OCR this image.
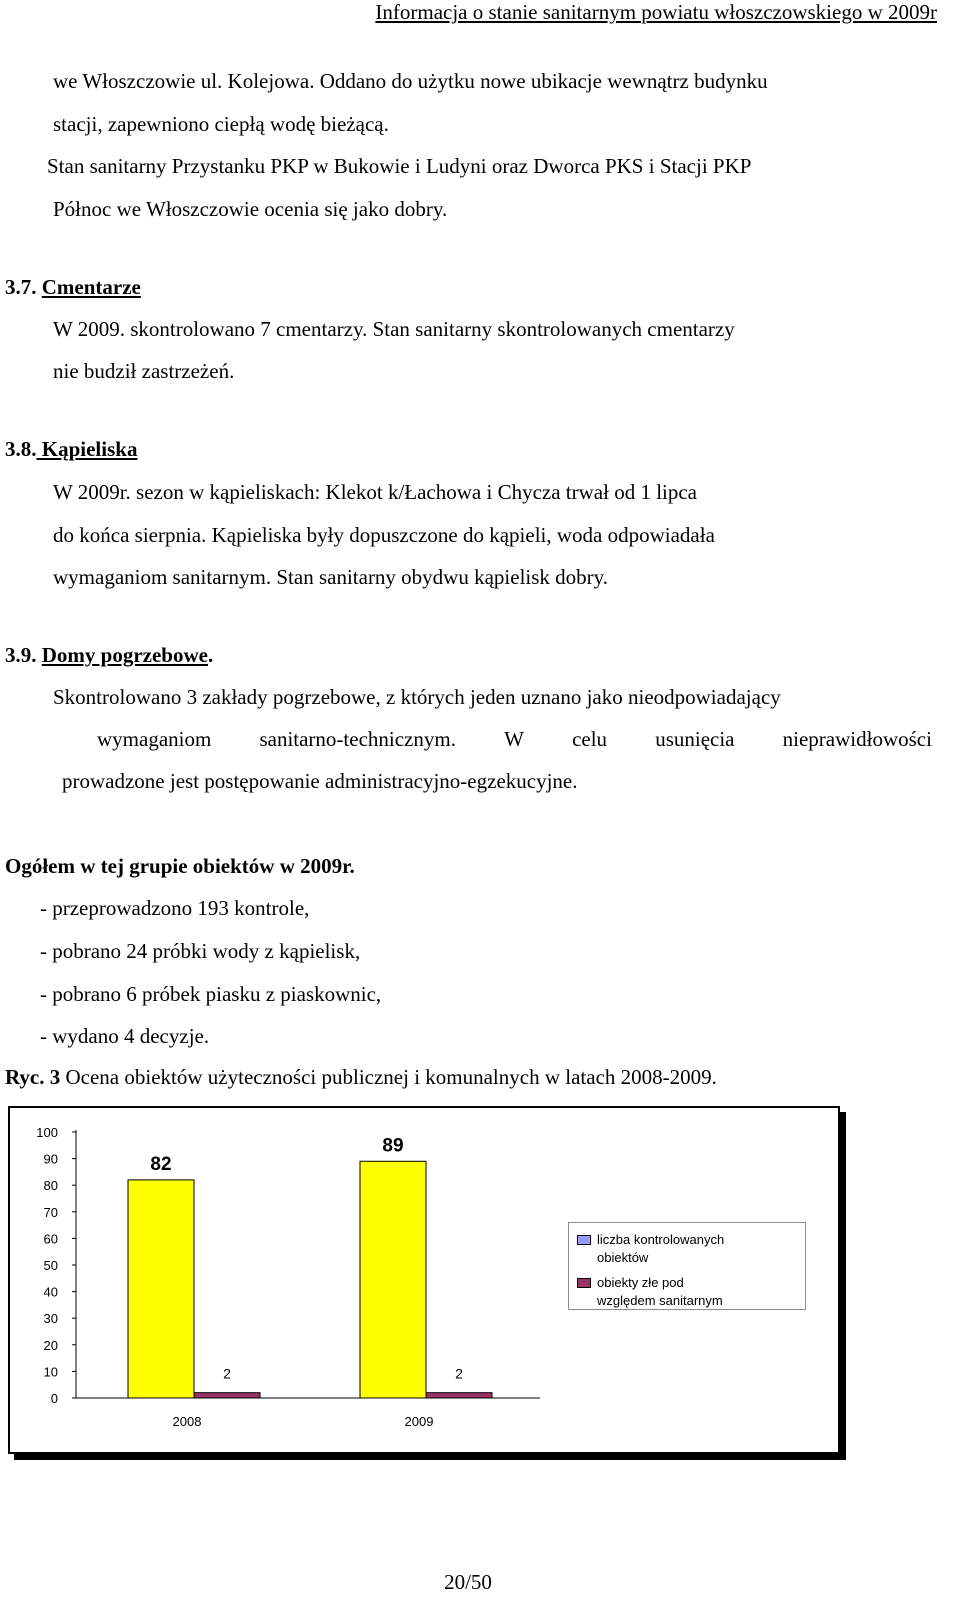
Informacja o stanie sanitarnym powiatu włoszczowskiego w 2009r
we Włoszczowie ul. Kolejowa. Oddano do użytku nowe ubikacje wewnątrz budynku
stacji, zapewniono ciepłą wodę bieżącą.
Stan sanitarny Przystanku PKP w Bukowie i Ludyni oraz Dworca PKS i Stacji PKP
Północ we Włoszczowie ocenia się jako dobry.
3.7. Cmentarze
W 2009. skontrolowano 7 cmentarzy. Stan sanitarny skontrolowanych cmentarzy
nie budził zastrzeżeń.
3.8. Kąpieliska
W 2009r. sezon w kąpieliskach: Klekot k/Łachowa i Chycza trwał od 1 lipca
do końca sierpnia. Kąpieliska były dopuszczone do kąpieli, woda odpowiadała
wymaganiom sanitarnym. Stan sanitarny obydwu kąpielisk dobry.
3.9. Domy pogrzebowe.
Skontrolowano 3 zakłady pogrzebowe, z których jeden uznano jako nieodpowiadający
wymaganiom sanitarno-technicznym. W celu usunięcia nieprawidłowości
prowadzone jest postępowanie administracyjno-egzekucyjne.
Ogółem w tej grupie obiektów w 2009r.
- przeprowadzono 193 kontrole,
- pobrano 24 próbki wody z kąpielisk,
- pobrano 6 próbek piasku z piaskownic,
- wydano 4 decyzje.
Ryc. 3 Ocena obiektów użyteczności publicznej i komunalnych w latach 2008-2009.
100
90
80
70
60
50
40
30
20
10
0
82
2
2008
89
2
2009
liczba kontrolowanych
obiektów
obiekty złe pod
względem sanitarnym
20/50
